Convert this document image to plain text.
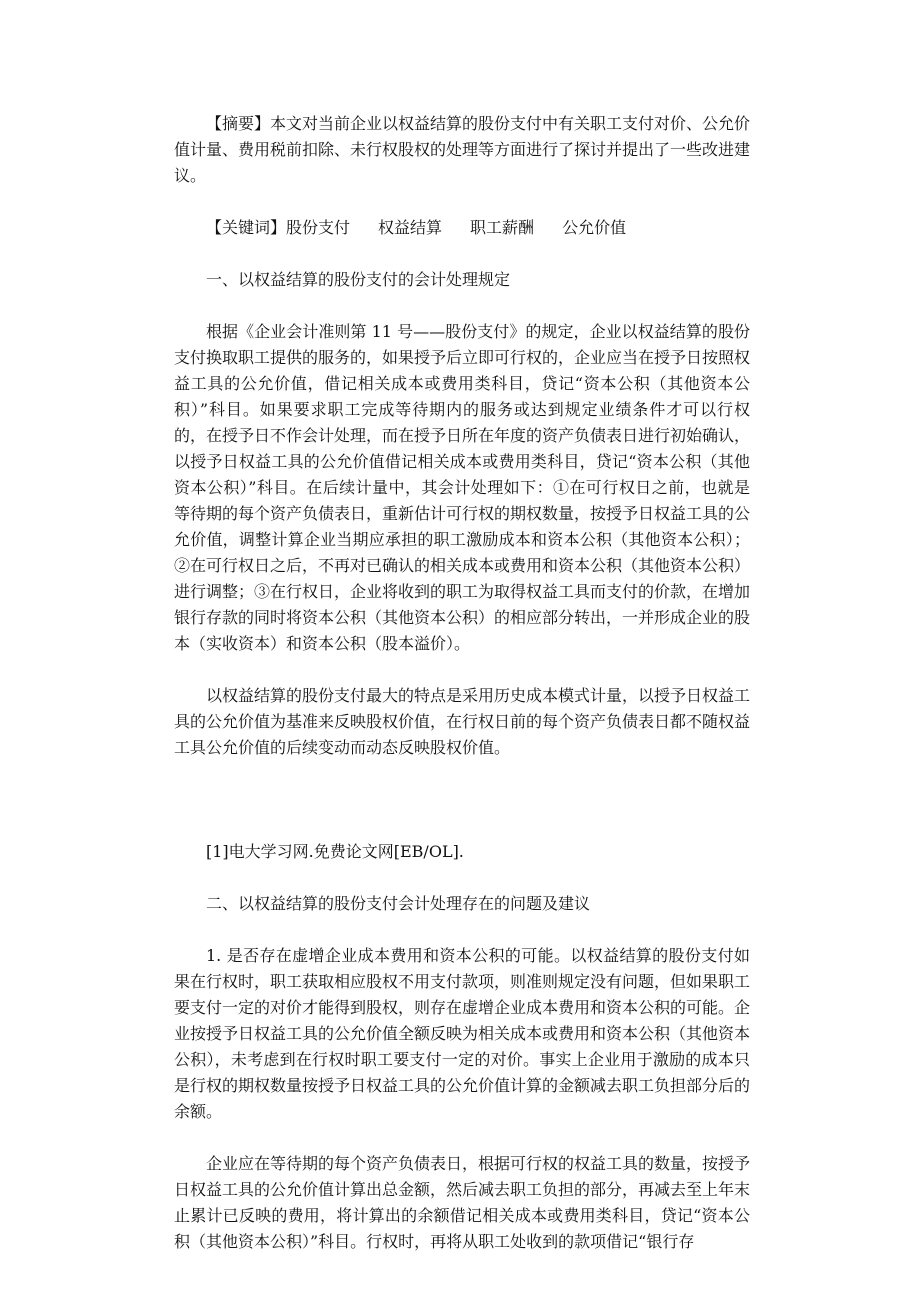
【摘要】本文对当前企业以权益结算的股份支付中有关职工支付对价、公允价值计量、费用税前扣除、未行权股权的处理等方面进行了探讨并提出了一些改进建议。

【关键词】股份支付 权益结算 职工薪酬 公允价值

一、以权益结算的股份支付的会计处理规定

根据《企业会计准则第 11 号——股份支付》的规定，企业以权益结算的股份支付换取职工提供的服务的，如果授予后立即可行权的，企业应当在授予日按照权益工具的公允价值，借记相关成本或费用类科目，贷记“资本公积（其他资本公积）”科目。如果要求职工完成等待期内的服务或达到规定业绩条件才可以行权的，在授予日不作会计处理，而在授予日所在年度的资产负债表日进行初始确认，以授予日权益工具的公允价值借记相关成本或费用类科目，贷记“资本公积（其他资本公积）”科目。在后续计量中，其会计处理如下：①在可行权日之前，也就是等待期的每个资产负债表日，重新估计可行权的期权数量，按授予日权益工具的公允价值，调整计算企业当期应承担的职工激励成本和资本公积（其他资本公积）；②在可行权日之后，不再对已确认的相关成本或费用和资本公积（其他资本公积）进行调整；③在行权日，企业将收到的职工为取得权益工具而支付的价款，在增加银行存款的同时将资本公积（其他资本公积）的相应部分转出，一并形成企业的股本（实收资本）和资本公积（股本溢价）。

以权益结算的股份支付最大的特点是采用历史成本模式计量，以授予日权益工具的公允价值为基准来反映股权价值，在行权日前的每个资产负债表日都不随权益工具公允价值的后续变动而动态反映股权价值。

[1]电大学习网.免费论文网[EB/OL].

二、以权益结算的股份支付会计处理存在的问题及建议

1. 是否存在虚增企业成本费用和资本公积的可能。以权益结算的股份支付如果在行权时，职工获取相应股权不用支付款项，则准则规定没有问题，但如果职工要支付一定的对价才能得到股权，则存在虚增企业成本费用和资本公积的可能。企业按授予日权益工具的公允价值全额反映为相关成本或费用和资本公积（其他资本公积），未考虑到在行权时职工要支付一定的对价。事实上企业用于激励的成本只是行权的期权数量按授予日权益工具的公允价值计算的金额减去职工负担部分后的余额。

企业应在等待期的每个资产负债表日，根据可行权的权益工具的数量，按授予日权益工具的公允价值计算出总金额，然后减去职工负担的部分，再减去至上年末止累计已反映的费用，将计算出的余额借记相关成本或费用类科目，贷记“资本公积（其他资本公积）”科目。行权时，再将从职工处收到的款项借记“银行存
